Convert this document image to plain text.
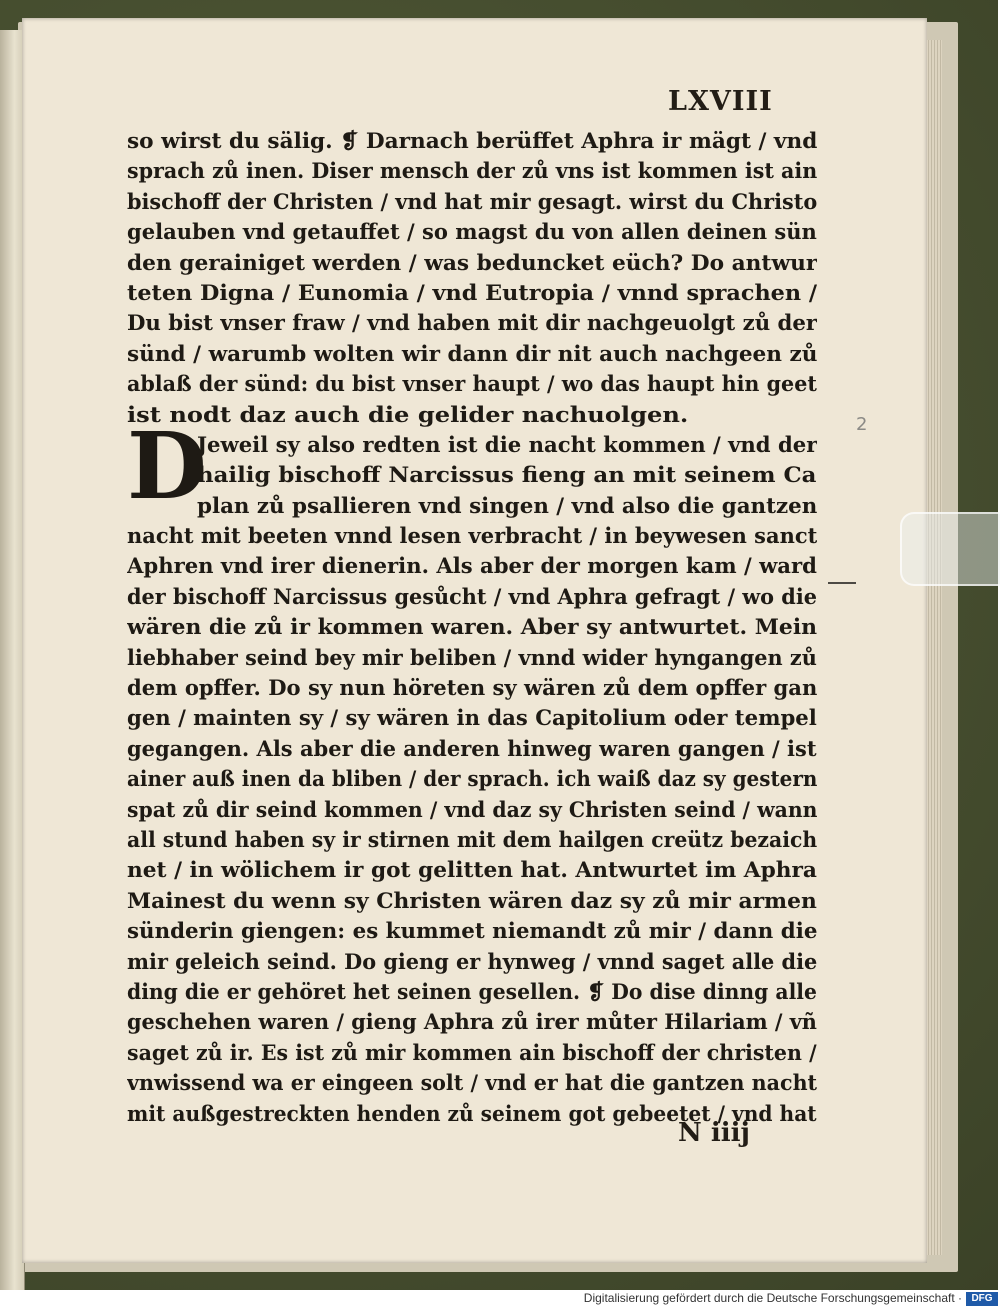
LXVIII
D
so wirst du sälig. ❡ Darnach berüffet Aphra ir mägt / vnd
sprach zů inen. Diser mensch der zů vns ist kommen ist ain
bischoff der Christen / vnd hat mir gesagt. wirst du Christo
gelauben vnd getauffet / so magst du von allen deinen sün
den gerainiget werden / was beduncket eüch? Do antwur
teten Digna / Eunomia / vnd Eutropia / vnnd sprachen /
Du bist vnser fraw / vnd haben mit dir nachgeuolgt zů der
sünd / warumb wolten wir dann dir nit auch nachgeen zů
ablaß der sünd: du bist vnser haupt / wo das haupt hin geet
ist nodt daz auch die gelider nachuolgen.
Jeweil sy also redten ist die nacht kommen / vnd der
hailig bischoff Narcissus fieng an mit seinem Ca
plan zů psallieren vnd singen / vnd also die gantzen
nacht mit beeten vnnd lesen verbracht / in beywesen sanct
Aphren vnd irer dienerin. Als aber der morgen kam / ward
der bischoff Narcissus gesůcht / vnd Aphra gefragt / wo die
wären die zů ir kommen waren. Aber sy antwurtet. Mein
liebhaber seind bey mir beliben / vnnd wider hyngangen zů
dem opffer. Do sy nun höreten sy wären zů dem opffer gan
gen / mainten sy / sy wären in das Capitolium oder tempel
gegangen. Als aber die anderen hinweg waren gangen / ist
ainer auß inen da bliben / der sprach. ich waiß daz sy gestern
spat zů dir seind kommen / vnd daz sy Christen seind / wann
all stund haben sy ir stirnen mit dem hailgen creütz bezaich
net / in wölichem ir got gelitten hat. Antwurtet im Aphra
Mainest du wenn sy Christen wären daz sy zů mir armen
sünderin giengen: es kummet niemandt zů mir / dann die
mir geleich seind. Do gieng er hynweg / vnnd saget alle die
ding die er gehöret het seinen gesellen. ❡ Do dise dinng alle
geschehen waren / gieng Aphra zů irer můter Hilariam / vñ
saget zů ir. Es ist zů mir kommen ain bischoff der christen /
vnwissend wa er eingeen solt / vnd er hat die gantzen nacht
mit außgestreckten henden zů seinem got gebeetet / vnd hat
N iiij
2
Digitalisierung gefördert durch die Deutsche Forschungsgemeinschaft · DFG
